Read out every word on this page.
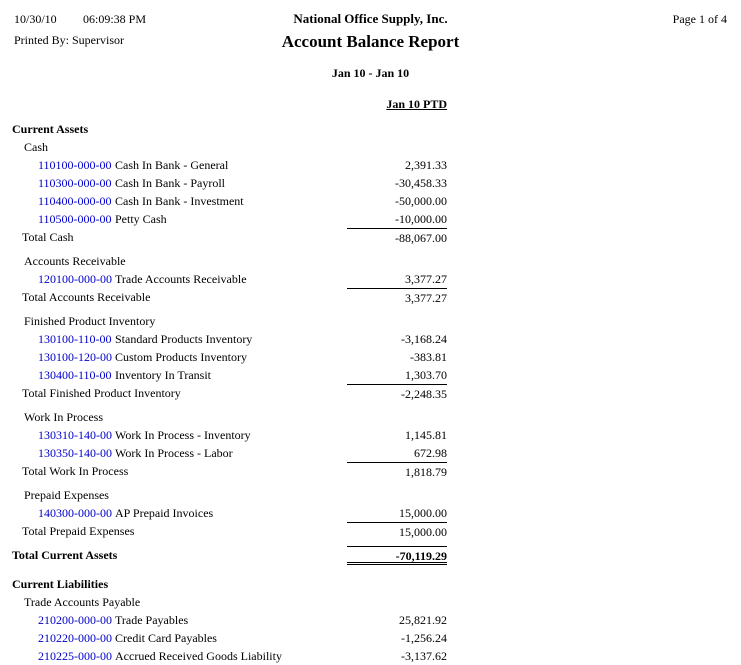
10/30/10 06:09:38 PM	National Office Supply, Inc.	Page 1 of 4
Printed By: Supervisor	Account Balance Report
Jan 10 - Jan 10
Jan 10 PTD
Current Assets
Cash
110100-000-00 Cash In Bank - General	2,391.33
110300-000-00 Cash In Bank - Payroll	-30,458.33
110400-000-00 Cash In Bank - Investment	-50,000.00
110500-000-00 Petty Cash	-10,000.00
Total Cash	-88,067.00
Accounts Receivable
120100-000-00 Trade Accounts Receivable	3,377.27
Total Accounts Receivable	3,377.27
Finished Product Inventory
130100-110-00 Standard Products Inventory	-3,168.24
130100-120-00 Custom Products Inventory	-383.81
130400-110-00 Inventory In Transit	1,303.70
Total Finished Product Inventory	-2,248.35
Work In Process
130310-140-00 Work In Process - Inventory	1,145.81
130350-140-00 Work In Process - Labor	672.98
Total Work In Process	1,818.79
Prepaid Expenses
140300-000-00 AP Prepaid Invoices	15,000.00
Total Prepaid Expenses	15,000.00
Total Current Assets	-70,119.29
Current Liabilities
Trade Accounts Payable
210200-000-00 Trade Payables	25,821.92
210220-000-00 Credit Card Payables	-1,256.24
210225-000-00 Accrued Received Goods Liability	-3,137.62
